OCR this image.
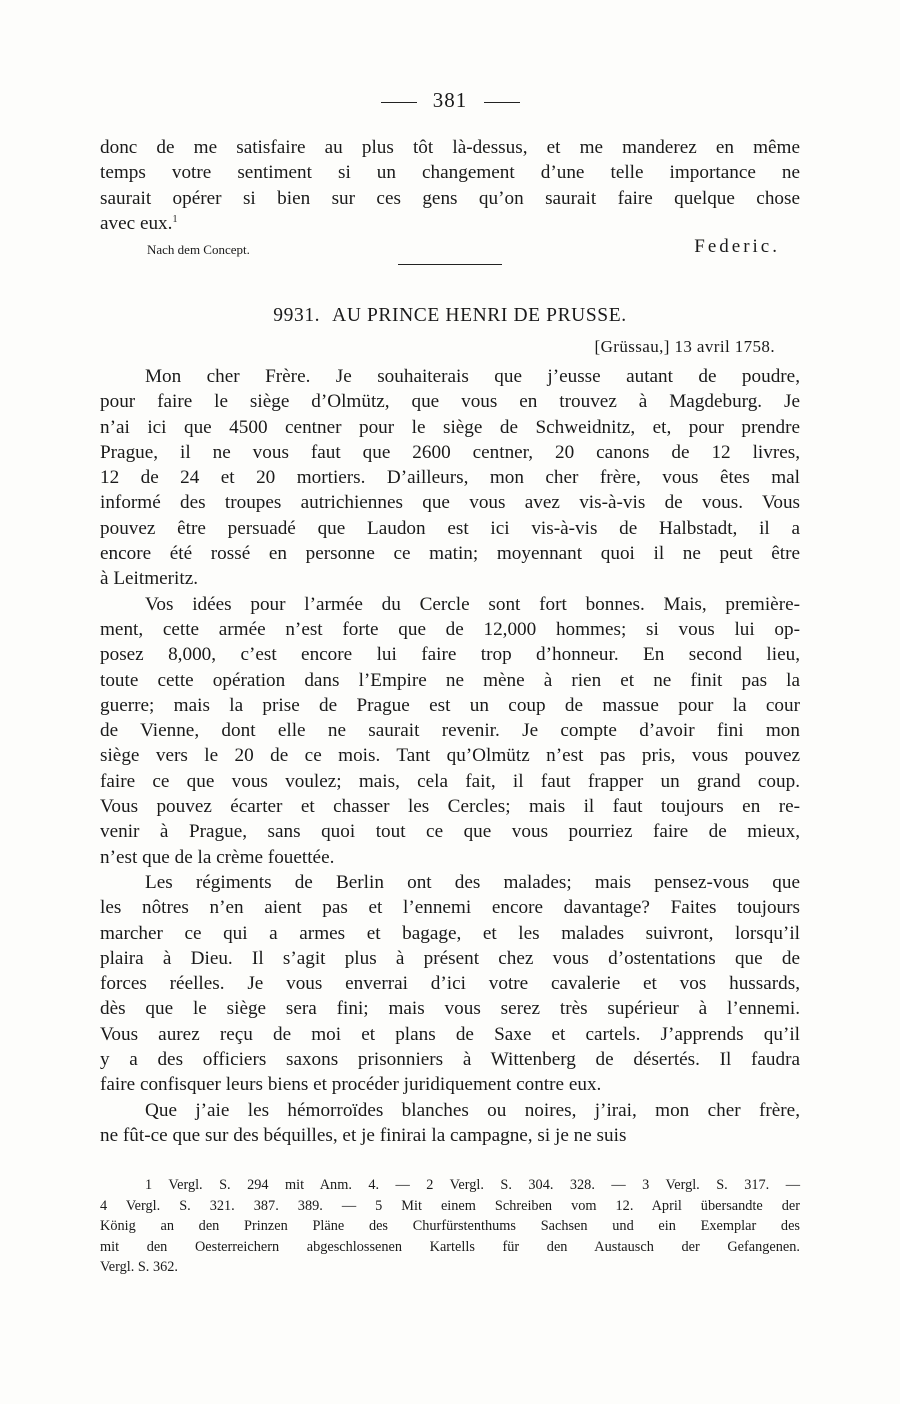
381
donc de me satisfaire au plus tôt là-dessus, et me manderez en même
temps votre sentiment si un changement d’une telle importance ne
saurait opérer si bien sur ces gens qu’on saurait faire quelque chose
avec eux.$^1$
Nach dem Concept.	Federic.
9931. AU PRINCE HENRI DE PRUSSE.
[Grüssau,] 13 avril 1758.
Mon cher Frère. Je souhaiterais que j’eusse autant de poudre,
pour faire le siège d’Olmütz, que vous en trouvez à Magdeburg. Je
n’ai ici que 4500 centner pour le siège de Schweidnitz, et, pour prendre
Prague, il ne vous faut que 2600 centner, 20 canons de 12 livres,
12 de 24 et 20 mortiers. D’ailleurs, mon cher frère, vous êtes mal
informé des troupes autrichiennes que vous avez vis-à-vis de vous. Vous
pouvez être persuadé que Laudon est ici vis-à-vis de Halbstadt, il a
encore été rossé en personne ce matin; moyennant quoi il ne peut être
à Leitmeritz.
Vos idées pour l’armée du Cercle sont fort bonnes. Mais, premièrе-
ment, cette armée n’est forte que de 12,000 hommes; si vous lui op-
posez 8,000, c’est encore lui faire trop d’honneur. En second lieu,
toute cette opération dans l’Empire ne mène à rien et ne finit pas la
guerre; mais la prise de Prague est un coup de massue pour la cour
de Vienne, dont elle ne saurait revenir. Je compte d’avoir fini mon
siège vers le 20 de ce mois. Tant qu’Olmütz n’est pas pris, vous pouvez
faire ce que vous voulez; mais, cela fait, il faut frapper un grand coup.
Vous pouvez écarter et chasser les Cercles; mais il faut toujours en re-
venir à Prague, sans quoi tout ce que vous pourriez faire de mieux,
n’est que de la crème fouettée.
Les régiments de Berlin ont des malades; mais pensez-vous que
les nôtres n’en aient pas et l’ennemi encore davantage? Faites toujours
marcher ce qui a armes et bagage, et les malades suivront, lorsqu’il
plaira à Dieu. Il s’agit plus à présent chez vous d’ostentations que de
forces réelles. Je vous enverrai d’ici votre cavalerie et vos hussards,
dès que le siège sera fini; mais vous serez très supérieur à l’ennemi.
Vous aurez reçu de moi et plans de Saxe et cartels. J’apprends qu’il
y a des officiers saxons prisonniers à Wittenberg de désertés. Il faudra
faire confisquer leurs biens et procéder juridiquement contre eux.
Que j’aie les hémorroïdes blanches ou noires, j’irai, mon cher frère,
ne fût-ce que sur des béquilles, et je finirai la campagne, si je ne suis
1 Vergl. S. 294 mit Anm. 4. — 2 Vergl. S. 304. 328. — 3 Vergl. S. 317. —
4 Vergl. S. 321. 387. 389. — 5 Mit einem Schreiben vom 12. April übersandte der
König an den Prinzen Pläne des Churfürstenthums Sachsen und ein Exemplar des
mit den Oesterreichern abgeschlossenen Kartells für den Austausch der Gefangenen.
Vergl. S. 362.
